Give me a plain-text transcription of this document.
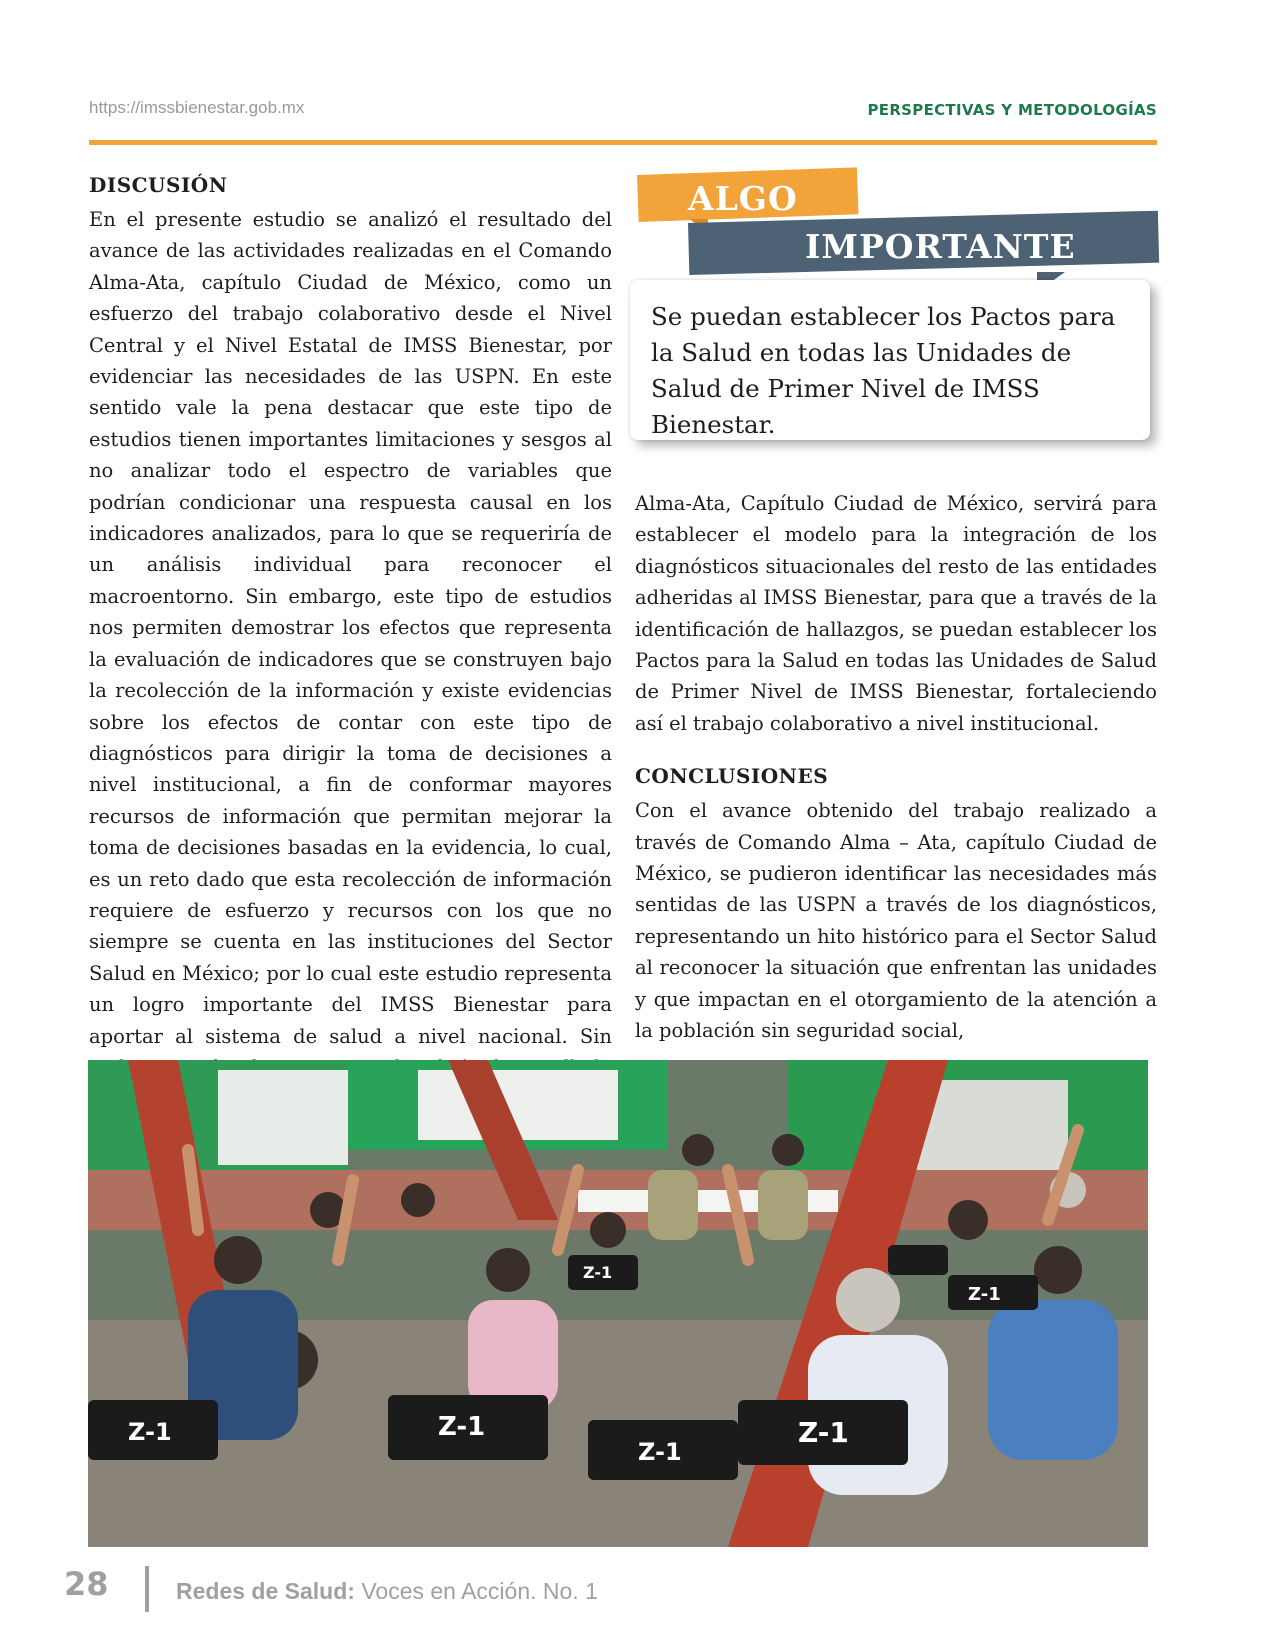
https://imssbienestar.gob.mx	PERSPECTIVAS Y METODOLOGÍAS
DISCUSIÓN

En el presente estudio se analizó el resultado del avance de las actividades realizadas en el Comando Alma-Ata, capítulo Ciudad de México, como un esfuerzo del trabajo colaborativo desde el Nivel Central y el Nivel Estatal de IMSS Bienestar, por evidenciar las necesidades de las USPN. En este sentido vale la pena destacar que este tipo de estudios tienen importantes limitaciones y sesgos al no analizar todo el espectro de variables que podrían condicionar una respuesta causal en los indicadores analizados, para lo que se requeriría de un análisis individual para reconocer el macroentorno. Sin embargo, este tipo de estudios nos permiten demostrar los efectos que representa la evaluación de indicadores que se construyen bajo la recolección de la información y existe evidencias sobre los efectos de contar con este tipo de diagnósticos para dirigir la toma de decisiones a nivel institucional, a fin de conformar mayores recursos de información que permitan mejorar la toma de decisiones basadas en la evidencia, lo cual, es un reto dado que esta recolección de información requiere de esfuerzo y recursos con los que no siempre se cuenta en las instituciones del Sector Salud en México; por lo cual este estudio representa un logro importante del IMSS Bienestar para aportar al sistema de salud a nivel nacional. Sin

ALGO
IMPORTANTE
Se puedan establecer los Pactos para la Salud en todas las Unidades de Salud de Primer Nivel de IMSS Bienestar.

Alma-Ata, Capítulo Ciudad de México, servirá para establecer el modelo para la integración de los diagnósticos situacionales del resto de las entidades adheridas al IMSS Bienestar, para que a través de la identificación de hallazgos, se puedan establecer los Pactos para la Salud en todas las Unidades de Salud de Primer Nivel de IMSS Bienestar, fortaleciendo así el trabajo colaborativo a nivel institucional.

CONCLUSIONES

Con el avance obtenido del trabajo realizado a través de Comando Alma – Ata, capítulo Ciudad de México, se pudieron identificar las necesidades más sentidas de las USPN a través de los diagnósticos, representando un hito histórico para el Sector Salud al reconocer la situación que enfrentan las unidades y que impactan en el otorgamiento de la atención a la población sin seguridad social,

Z-1	Z-1
Z-1
Z-1
Z-1
Z-1
28	Redes de Salud: Voces en Acción. No. 1
